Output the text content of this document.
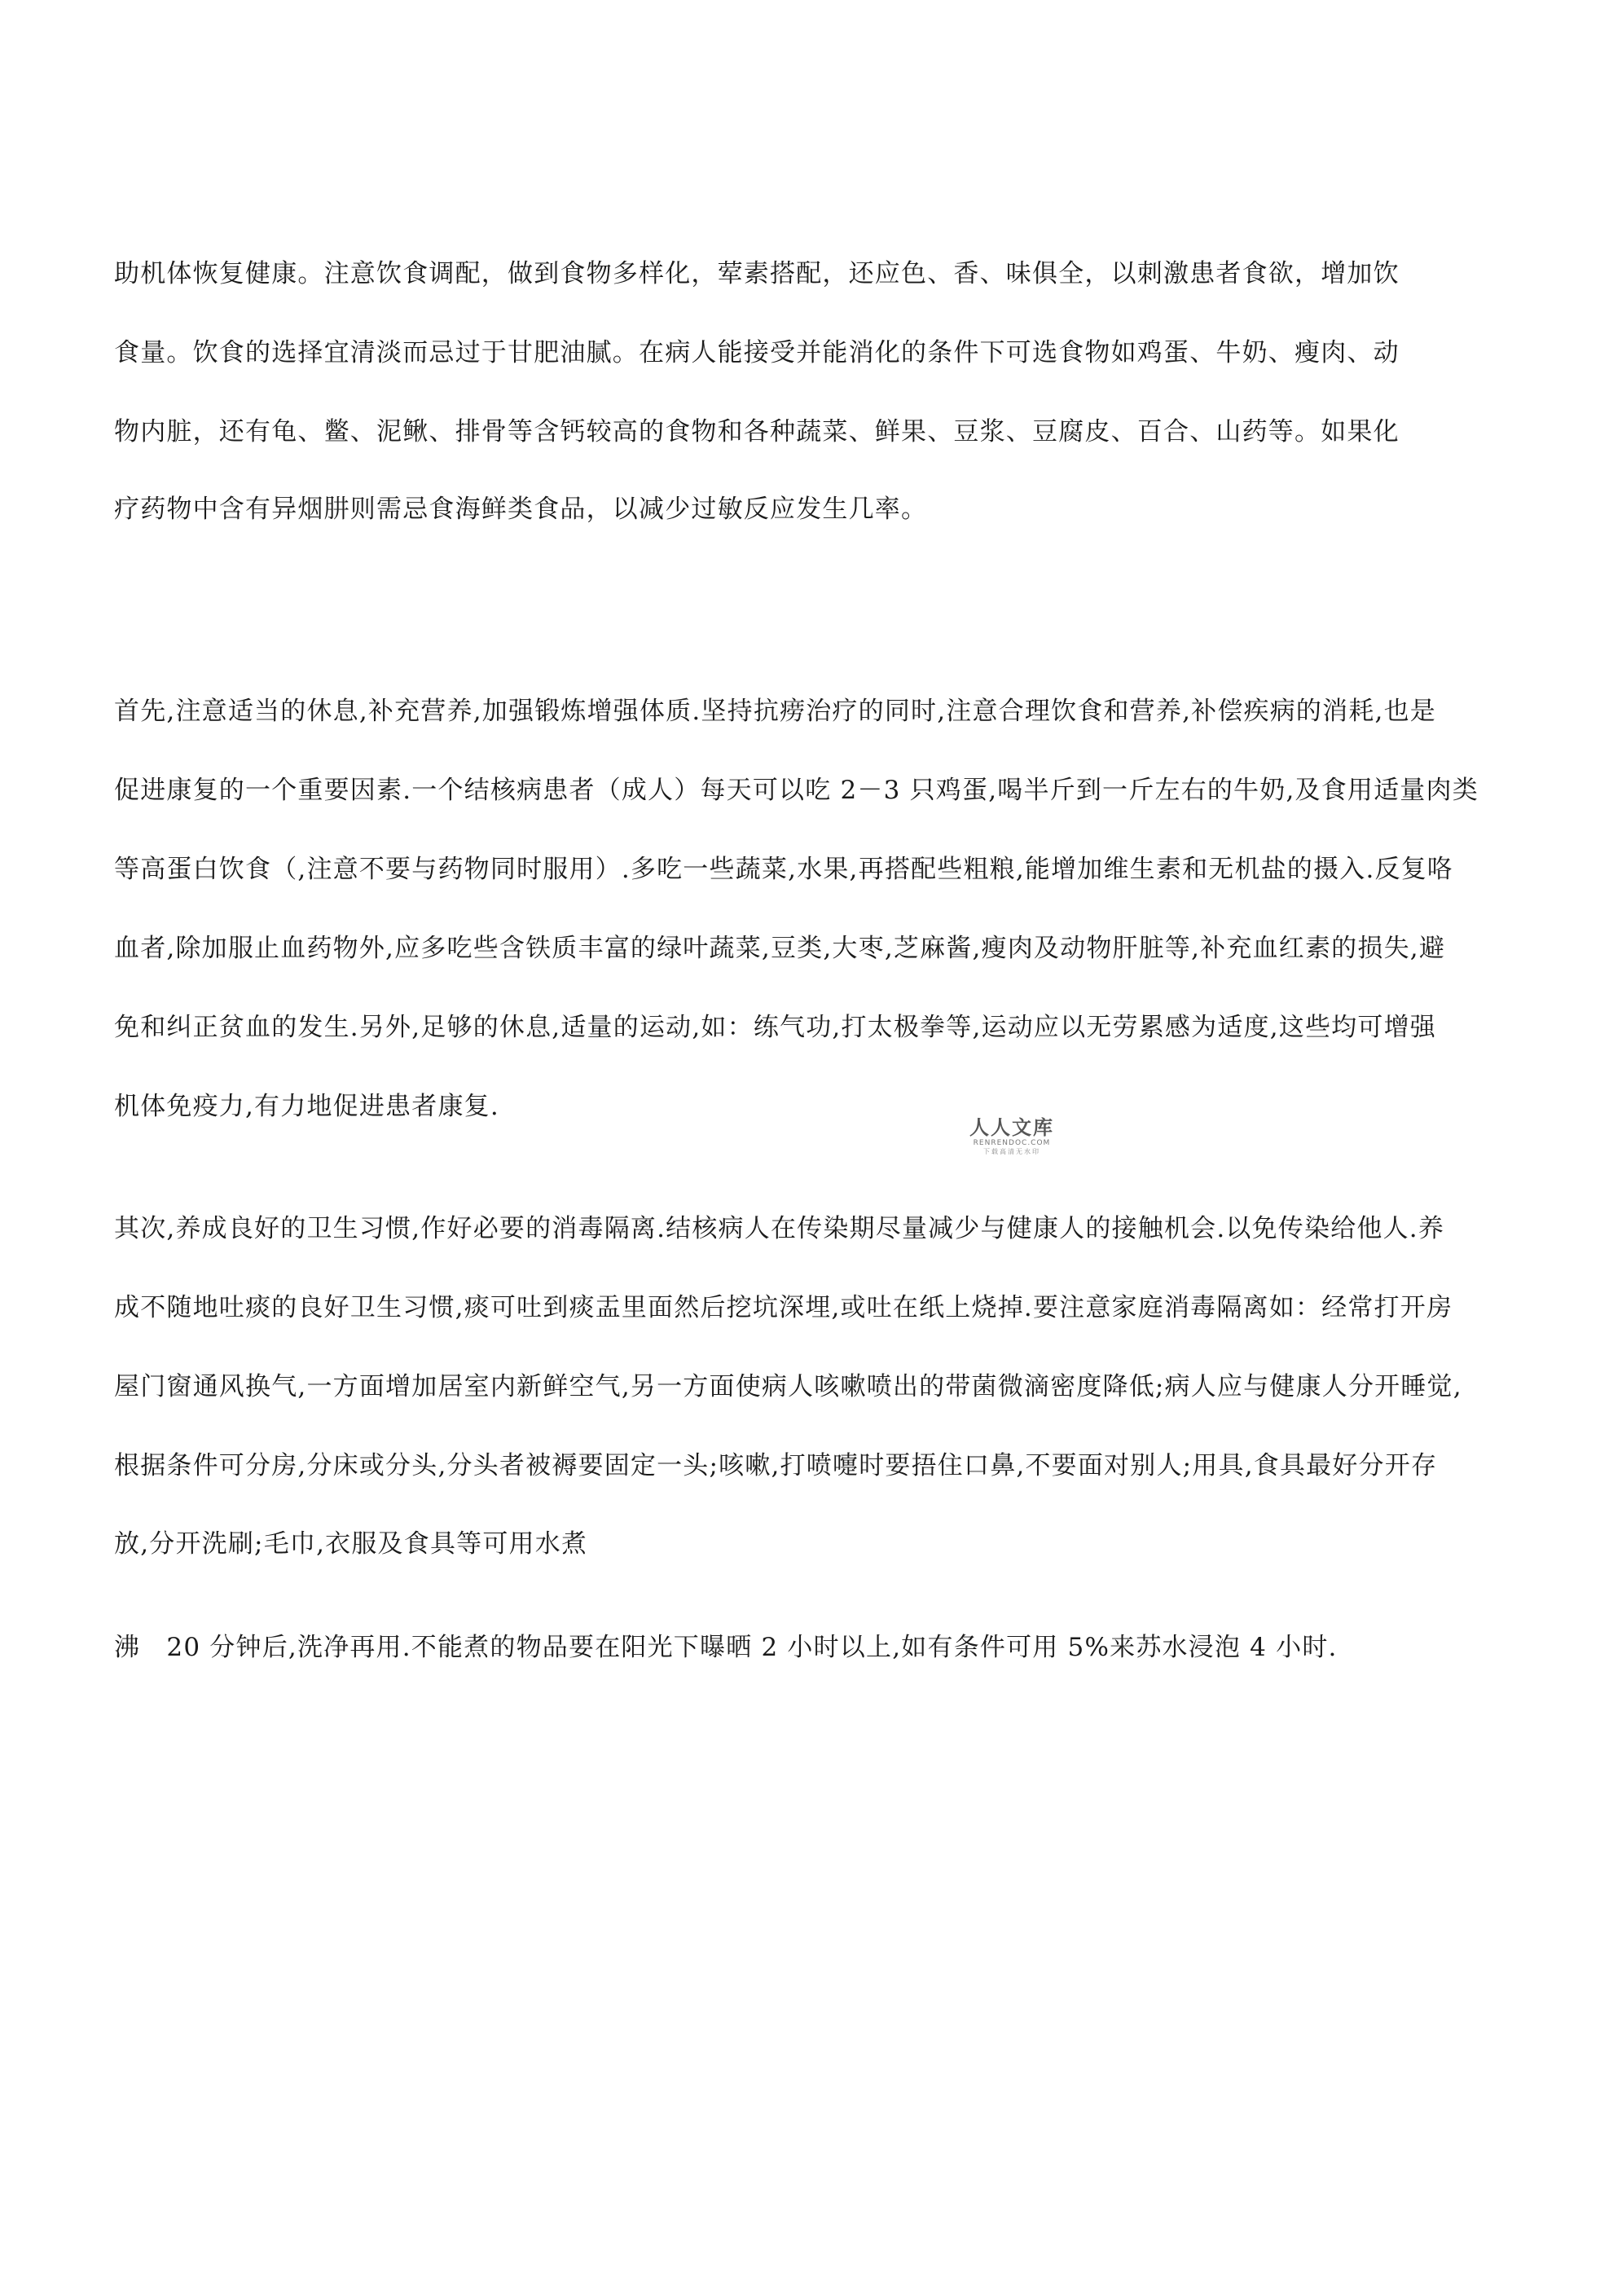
助机体恢复健康。注意饮食调配，做到食物多样化，荤素搭配，还应色、香、味俱全，以刺激患者食欲，增加饮
食量。饮食的选择宜清淡而忌过于甘肥油腻。在病人能接受并能消化的条件下可选食物如鸡蛋、牛奶、瘦肉、动
物内脏，还有龟、鳖、泥鳅、排骨等含钙较高的食物和各种蔬菜、鲜果、豆浆、豆腐皮、百合、山药等。如果化
疗药物中含有异烟肼则需忌食海鲜类食品，以减少过敏反应发生几率。
首先,注意适当的休息,补充营养,加强锻炼增强体质.坚持抗痨治疗的同时,注意合理饮食和营养,补偿疾病的消耗,也是
促进康复的一个重要因素.一个结核病患者（成人）每天可以吃 2－3 只鸡蛋,喝半斤到一斤左右的牛奶,及食用适量肉类
等高蛋白饮食（,注意不要与药物同时服用）.多吃一些蔬菜,水果,再搭配些粗粮,能增加维生素和无机盐的摄入.反复咯
血者,除加服止血药物外,应多吃些含铁质丰富的绿叶蔬菜,豆类,大枣,芝麻酱,瘦肉及动物肝脏等,补充血红素的损失,避
免和纠正贫血的发生.另外,足够的休息,适量的运动,如：练气功,打太极拳等,运动应以无劳累感为适度,这些均可增强
机体免疫力,有力地促进患者康复.
人人文库
RENRENDOC.COM
下载高清无水印
其次,养成良好的卫生习惯,作好必要的消毒隔离.结核病人在传染期尽量减少与健康人的接触机会.以免传染给他人.养
成不随地吐痰的良好卫生习惯,痰可吐到痰盂里面然后挖坑深埋,或吐在纸上烧掉.要注意家庭消毒隔离如：经常打开房
屋门窗通风换气,一方面增加居室内新鲜空气,另一方面使病人咳嗽喷出的带菌微滴密度降低;病人应与健康人分开睡觉,
根据条件可分房,分床或分头,分头者被褥要固定一头;咳嗽,打喷嚏时要捂住口鼻,不要面对别人;用具,食具最好分开存
放,分开洗刷;毛巾,衣服及食具等可用水煮
沸　20 分钟后,洗净再用.不能煮的物品要在阳光下曝晒 2 小时以上,如有条件可用 5%来苏水浸泡 4 小时.
